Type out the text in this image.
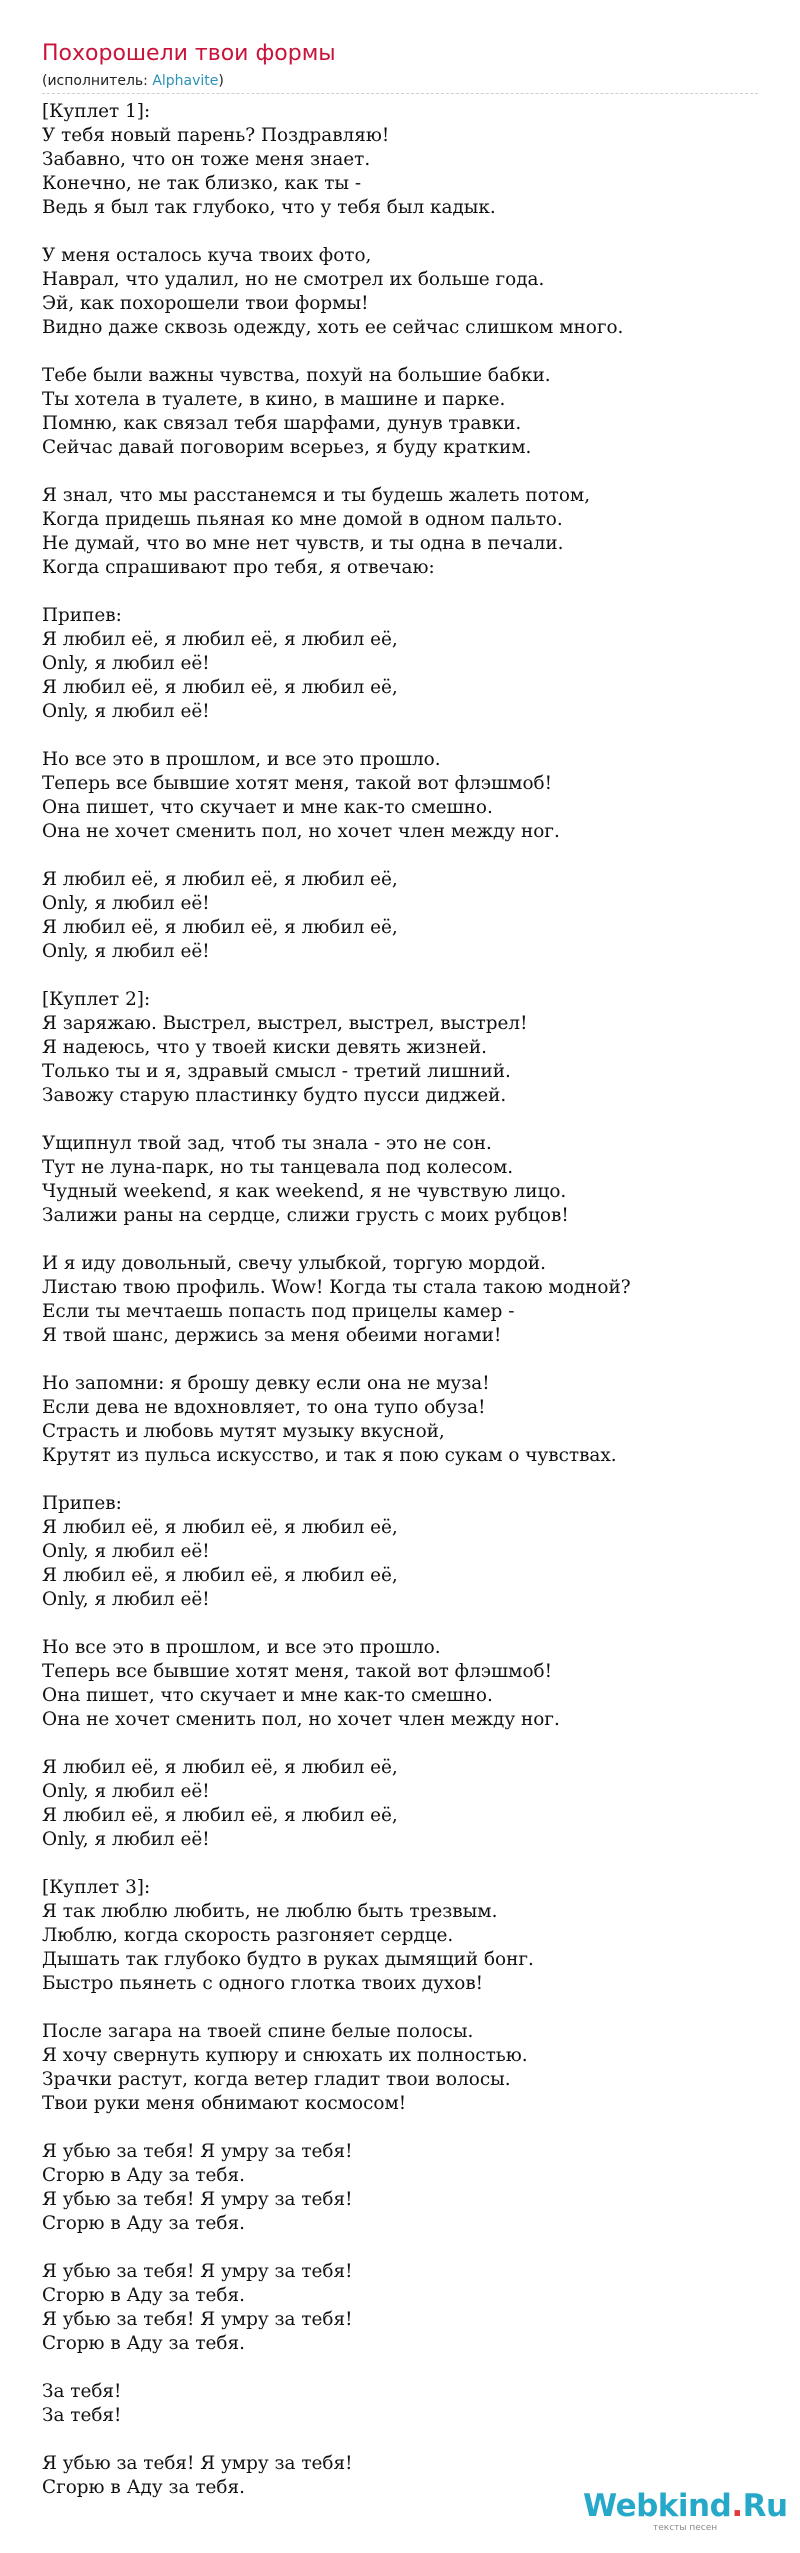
Похорошели твои формы
(исполнитель: Alphavite)
[Куплет 1]:
У тебя новый парень? Поздравляю!
Забавно, что он тоже меня знает.
Конечно, не так близко, как ты -
Ведь я был так глубоко, что у тебя был кадык.
У меня осталось куча твоих фото,
Наврал, что удалил, но не смотрел их больше года.
Эй, как похорошели твои формы!
Видно даже сквозь одежду, хоть ее сейчас слишком много.
Тебе были важны чувства, похуй на большие бабки.
Ты хотела в туалете, в кино, в машине и парке.
Помню, как связал тебя шарфами, дунув травки.
Сейчас давай поговорим всерьез, я буду кратким.
Я знал, что мы расстанемся и ты будешь жалеть потом,
Когда придешь пьяная ко мне домой в одном пальто.
Не думай, что во мне нет чувств, и ты одна в печали.
Когда спрашивают про тебя, я отвечаю:
Припев:
Я любил её, я любил её, я любил её,
Only, я любил её!
Я любил её, я любил её, я любил её,
Only, я любил её!
Но все это в прошлом, и все это прошло.
Теперь все бывшие хотят меня, такой вот флэшмоб!
Она пишет, что скучает и мне как-то смешно.
Она не хочет сменить пол, но хочет член между ног.
Я любил её, я любил её, я любил её,
Only, я любил её!
Я любил её, я любил её, я любил её,
Only, я любил её!
[Куплет 2]:
Я заряжаю. Выстрел, выстрел, выстрел, выстрел!
Я надеюсь, что у твоей киски девять жизней.
Только ты и я, здравый смысл - третий лишний.
Завожу старую пластинку будто пусси диджей.
Ущипнул твой зад, чтоб ты знала - это не сон.
Тут не луна-парк, но ты танцевала под колесом.
Чудный weekend, я как weekend, я не чувствую лицо.
Залижи раны на сердце, слижи грусть с моих рубцов!
И я иду довольный, свечу улыбкой, торгую мордой.
Листаю твою профиль. Wow! Когда ты стала такою модной?
Если ты мечтаешь попасть под прицелы камер -
Я твой шанс, держись за меня обеими ногами!
Но запомни: я брошу девку если она не муза!
Если дева не вдохновляет, то она тупо обуза!
Страсть и любовь мутят музыку вкусной,
Крутят из пульса искусство, и так я пою сукам о чувствах.
Припев:
Я любил её, я любил её, я любил её,
Only, я любил её!
Я любил её, я любил её, я любил её,
Only, я любил её!
Но все это в прошлом, и все это прошло.
Теперь все бывшие хотят меня, такой вот флэшмоб!
Она пишет, что скучает и мне как-то смешно.
Она не хочет сменить пол, но хочет член между ног.
Я любил её, я любил её, я любил её,
Only, я любил её!
Я любил её, я любил её, я любил её,
Only, я любил её!
[Куплет 3]:
Я так люблю любить, не люблю быть трезвым.
Люблю, когда скорость разгоняет сердце.
Дышать так глубоко будто в руках дымящий бонг.
Быстро пьянеть с одного глотка твоих духов!
После загара на твоей спине белые полосы.
Я хочу свернуть купюру и снюхать их полностью.
Зрачки растут, когда ветер гладит твои волосы.
Твои руки меня обнимают космосом!
Я убью за тебя! Я умру за тебя!
Сгорю в Аду за тебя.
Я убью за тебя! Я умру за тебя!
Сгорю в Аду за тебя.
Я убью за тебя! Я умру за тебя!
Сгорю в Аду за тебя.
Я убью за тебя! Я умру за тебя!
Сгорю в Аду за тебя.
За тебя!
За тебя!
Я убью за тебя! Я умру за тебя!
Сгорю в Аду за тебя.
Webkind.Ru
тексты песен
